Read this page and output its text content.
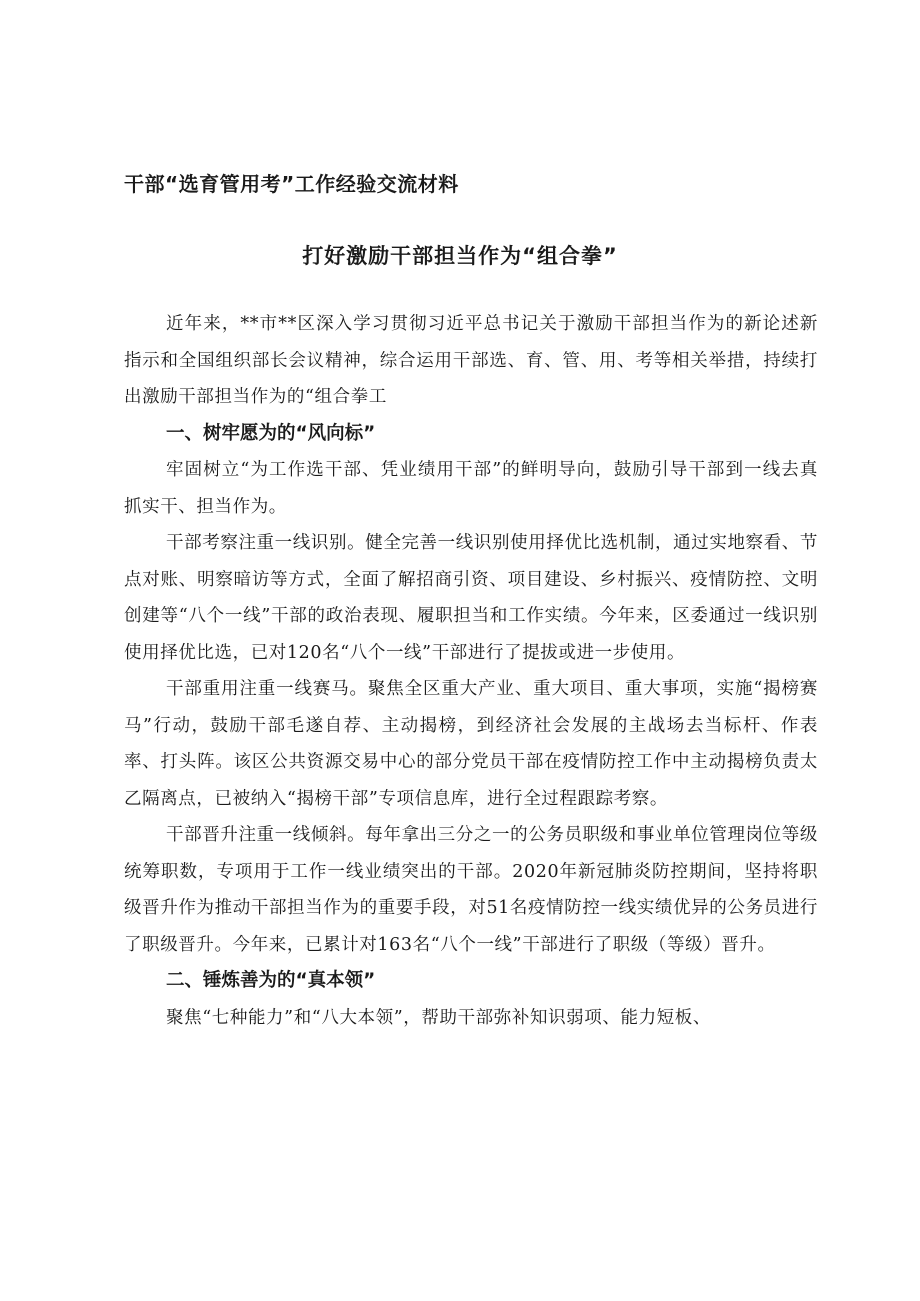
干部“选育管用考”工作经验交流材料
打好激励干部担当作为“组合拳”

近年来，**市**区深入学习贯彻习近平总书记关于激励干部担当作为的新论述新指示和全国组织部长会议精神，综合运用干部选、育、管、用、考等相关举措，持续打出激励干部担当作为的“组合拳工

一、树牢愿为的“风向标”

牢固树立“为工作选干部、凭业绩用干部”的鲜明导向，鼓励引导干部到一线去真抓实干、担当作为。

干部考察注重一线识别。健全完善一线识别使用择优比选机制，通过实地察看、节点对账、明察暗访等方式，全面了解招商引资、项目建设、乡村振兴、疫情防控、文明创建等“八个一线”干部的政治表现、履职担当和工作实绩。今年来，区委通过一线识别使用择优比选，已对120名“八个一线”干部进行了提拔或进一步使用。

干部重用注重一线赛马。聚焦全区重大产业、重大项目、重大事项，实施“揭榜赛马”行动，鼓励干部毛遂自荐、主动揭榜，到经济社会发展的主战场去当标杆、作表率、打头阵。该区公共资源交易中心的部分党员干部在疫情防控工作中主动揭榜负责太乙隔离点，已被纳入“揭榜干部”专项信息库，进行全过程跟踪考察。

干部晋升注重一线倾斜。每年拿出三分之一的公务员职级和事业单位管理岗位等级统筹职数，专项用于工作一线业绩突出的干部。2020年新冠肺炎防控期间，坚持将职级晋升作为推动干部担当作为的重要手段，对51名疫情防控一线实绩优异的公务员进行了职级晋升。今年来，已累计对163名“八个一线”干部进行了职级（等级）晋升。

二、锤炼善为的“真本领”

聚焦“七种能力”和“八大本领”，帮助干部弥补知识弱项、能力短板、
